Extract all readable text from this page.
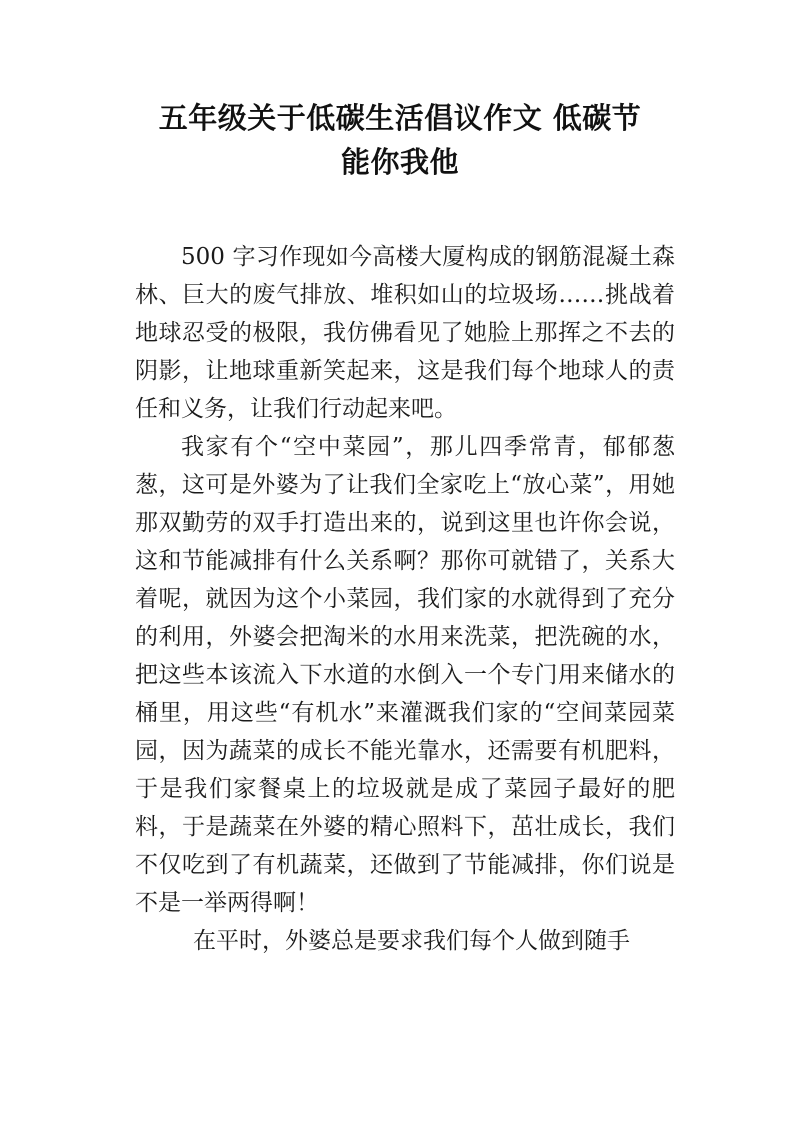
五年级关于低碳生活倡议作文 低碳节
能你我他

500 字习作现如今高楼大厦构成的钢筋混凝土森林、巨大的废气排放、堆积如山的垃圾场……挑战着地球忍受的极限，我仿佛看见了她脸上那挥之不去的阴影，让地球重新笑起来，这是我们每个地球人的责任和义务，让我们行动起来吧。

我家有个“空中菜园”，那儿四季常青，郁郁葱葱，这可是外婆为了让我们全家吃上“放心菜”，用她那双勤劳的双手打造出来的，说到这里也许你会说，这和节能减排有什么关系啊？那你可就错了，关系大着呢，就因为这个小菜园，我们家的水就得到了充分的利用，外婆会把淘米的水用来洗菜，把洗碗的水，把这些本该流入下水道的水倒入一个专门用来储水的桶里，用这些“有机水”来灌溉我们家的“空间菜园菜园，因为蔬菜的成长不能光靠水，还需要有机肥料，于是我们家餐桌上的垃圾就是成了菜园子最好的肥料，于是蔬菜在外婆的精心照料下，茁壮成长，我们不仅吃到了有机蔬菜，还做到了节能减排，你们说是不是一举两得啊！

在平时，外婆总是要求我们每个人做到随手
